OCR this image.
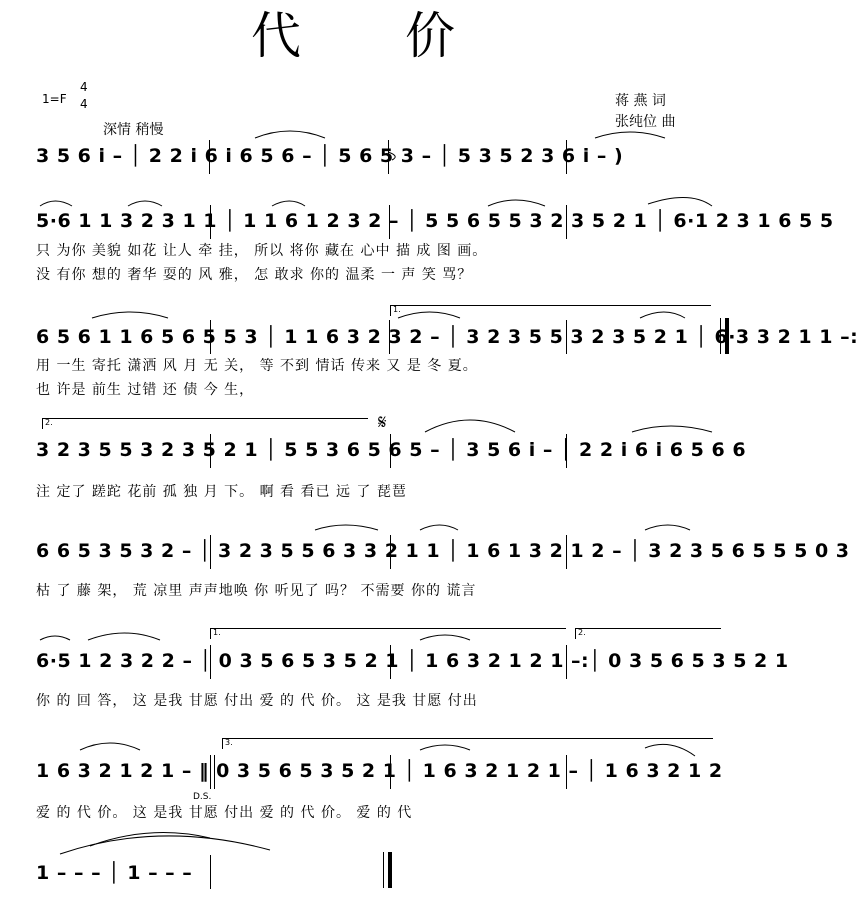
代 价
1=F
4
4
深情 稍慢
蒋 燕 词
张纯位 曲
3 5 6 i – │ 2 2 i 6 i 6 5 6 – │ 5 6 5 3 – │ 5 3 5 2 3 6 i – )
5·6 1 1 3 2 3 1 1 │ 1 1 6 1 2 3 2 – │ 5 5 6 5 5 3 2 3 5 2 1 │ 6·1 2 3 1 6 5 5
只 为你 美貌 如花 让人 牵 挂， 所以 将你 藏在 心中 描 成 图 画。
没 有你 想的 奢华 耍的 风 雅， 怎 敢求 你的 温柔 一 声 笑 骂？
6 5 6 1 1 6 5 6 5 5 3 │ 1 1 6 3 2 3 2 – │ 3 2 3 5 5 3 2 3 5 2 1 │ 6·3 3 2 1 1 –:
用 一生 寄托 潇洒 风 月 无 关， 等 不到 情话 传来 又 是 冬 夏。
也 许是 前生 过错 还 债 今 生，
3 2 3 5 5 3 2 3 5 2 1 │ 5 5 3 6 5 6 5 – │ 3 5 6 i – │ 2 2 i 6 i 6 5 6 6
注 定了 蹉跎 花前 孤 独 月 下。 啊 看 看已 远 了 琵琶
𝄋
6 6 5 3 5 3 2 – │ 3 2 3 5 5 6 3 3 2 1 1 │ 1 6 1 3 2 1 2 – │ 3 2 3 5 6 5 5 5 0 3
枯 了 藤 架， 荒 凉里 声声地唤 你 听见了 吗？ 不需要 你的 谎言
6·5 1 2 3 2 2 – │ 0 3 5 6 5 3 5 2 1 │ 1 6 3 2 1 2 1 –:│ 0 3 5 6 5 3 5 2 1
你 的 回 答， 这 是我 甘愿 付出 爱 的 代 价。 这 是我 甘愿 付出
1 6 3 2 1 2 1 – ‖ 0 3 5 6 5 3 5 2 1 │ 1 6 3 2 1 2 1 – │ 1 6 3 2 1 2
爱 的 代 价。 这 是我 甘愿 付出 爱 的 代 价。 爱 的 代
D.S.
1 – – – │ 1 – – –
1.
2.
1.	2.
3.
